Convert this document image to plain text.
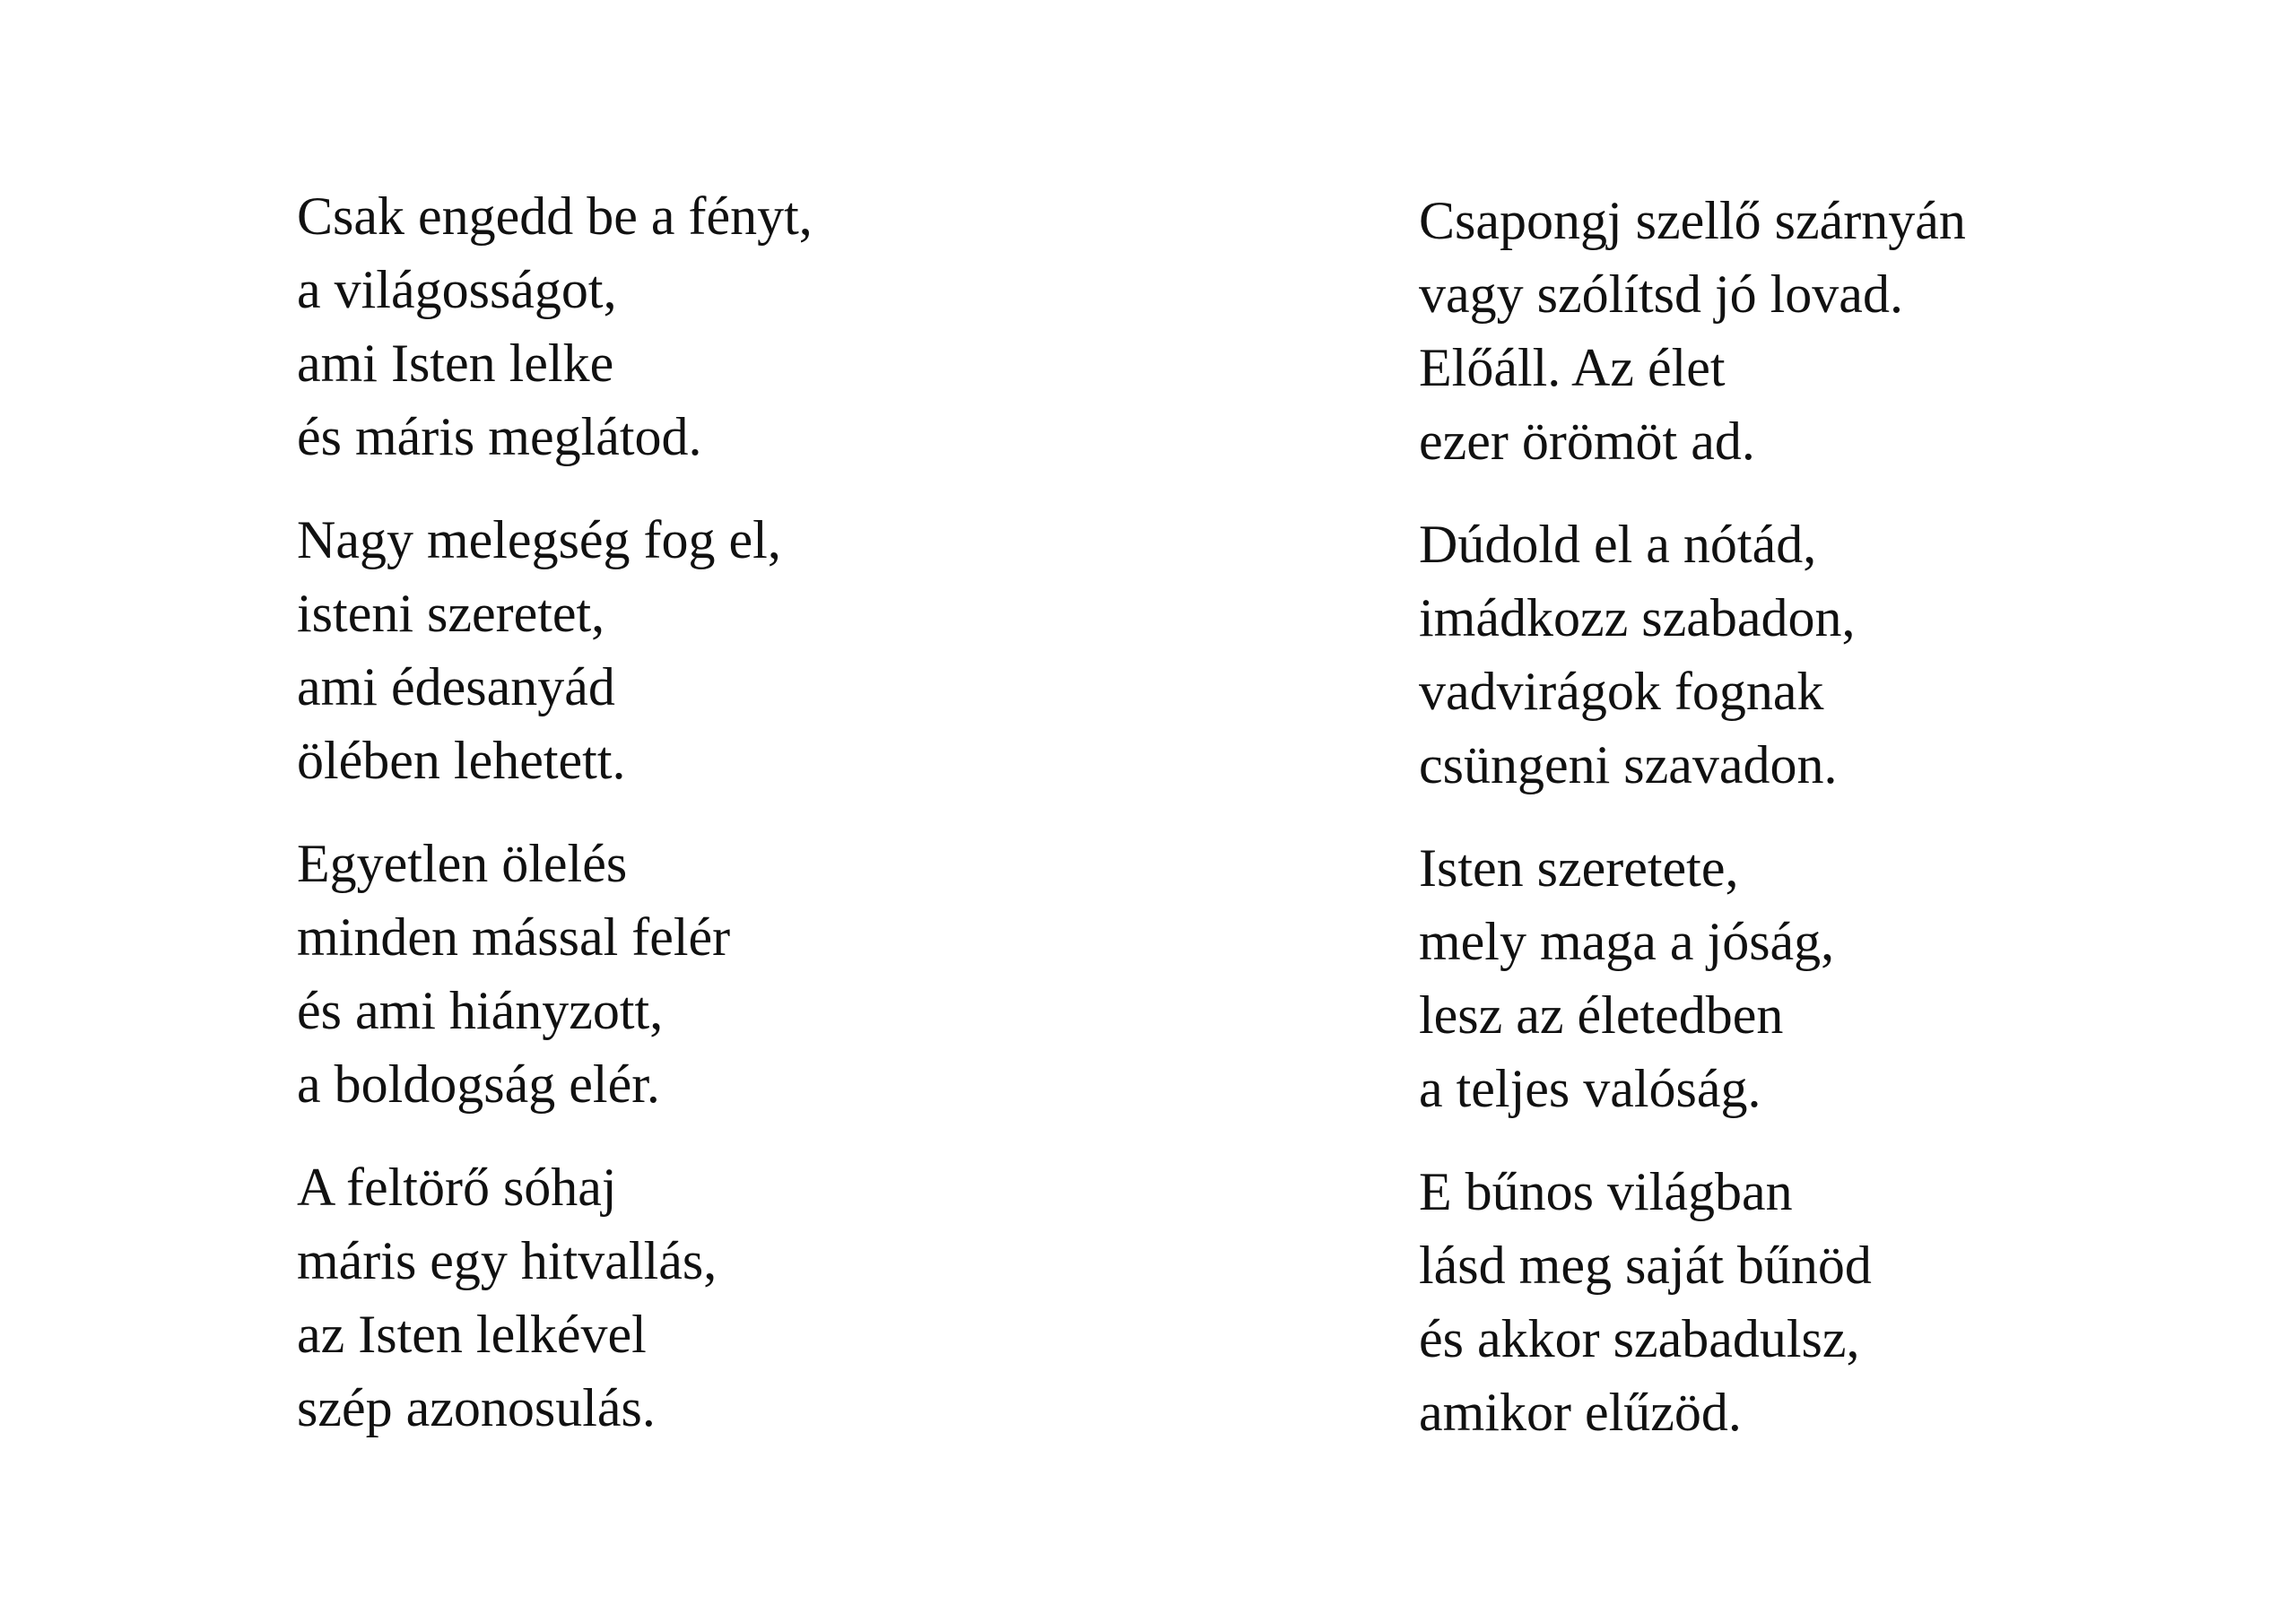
Csak engedd be a fényt,
a világosságot,
ami Isten lelke
és máris meglátod.
Nagy melegség fog el,
isteni szeretet,
ami édesanyád
ölében lehetett.
Egyetlen ölelés
minden mással felér
és ami hiányzott,
a boldogság elér.
A feltörő sóhaj
máris egy hitvallás,
az Isten lelkével
szép azonosulás.
Csapongj szellő szárnyán
vagy szólítsd jó lovad.
Előáll. Az élet
ezer örömöt ad.
Dúdold el a nótád,
imádkozz szabadon,
vadvirágok fognak
csüngeni szavadon.
Isten szeretete,
mely maga a jóság,
lesz az életedben
a teljes valóság.
E bűnos világban
lásd meg saját bűnöd
és akkor szabadulsz,
amikor elűzöd.
